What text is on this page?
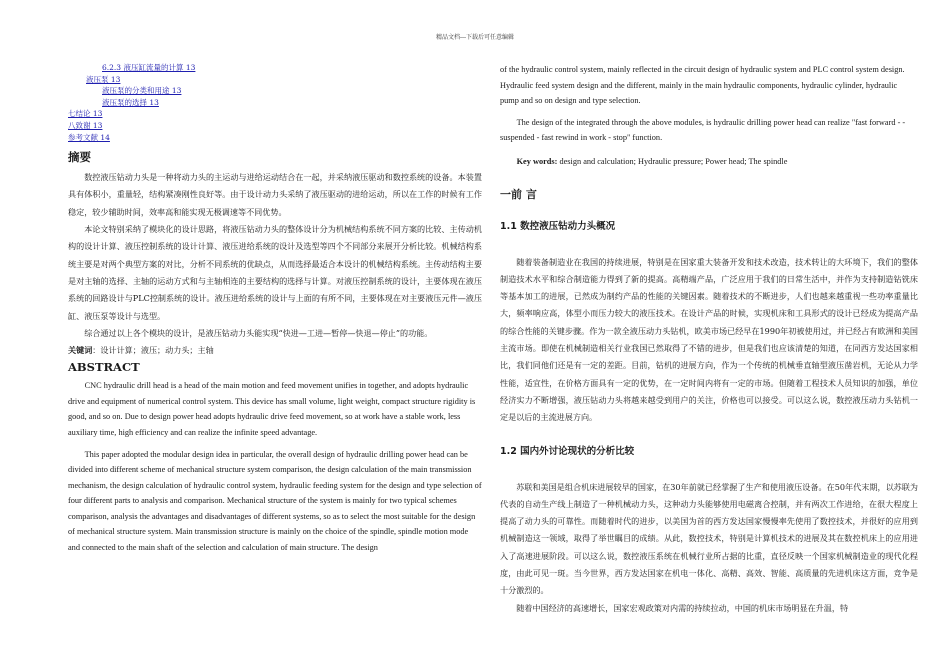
精品文档---下载后可任意编辑
6.2.3 液压缸流量的计算 13
液压泵 13
液压泵的分类和用途 13
液压泵的选择 13
七结论 13
八致谢 13
参考文献 14
摘要

数控液压钻动力头是一种将动力头的主运动与进给运动结合在一起，并采纳液压驱动和数控系统的设备。本装置具有体积小，重量轻，结构紧凑刚性良好等。由于设计动力头采纳了液压驱动的进给运动，所以在工作的时候有工作稳定，较少辅助时间，效率高和能实现无极调速等不同优势。

本论文特别采纳了模块化的设计思路，将液压钻动力头的整体设计分为机械结构系统不同方案的比较、主传动机构的设计计算、液压控制系统的设计计算、液压进给系统的设计及选型等四个不同部分来展开分析比较。机械结构系统主要是对两个典型方案的对比，分析不同系统的优缺点，从而选择最适合本设计的机械结构系统。主传动结构主要是对主轴的选择、主轴的运动方式和与主轴相连的主要结构的选择与计算。对液压控制系统的设计，主要体现在液压系统的回路设计与PLC控制系统的设计。液压进给系统的设计与上面的有所不同，主要体现在对主要液压元件—液压缸、液压泵等设计与选型。

综合通过以上各个模块的设计，是液压钻动力头能实现“快进—工进—暂停—快退—停止”的功能。

关键词：设计计算；液压；动力头；主轴

ABSTRACT

CNC hydraulic drill head is a head of the main motion and feed movement unifies in together, and adopts hydraulic drive and equipment of numerical control system. This device has small volume, light weight, compact structure rigidity is good, and so on. Due to design power head adopts hydraulic drive feed movement, so at work have a stable work, less auxiliary time, high efficiency and can realize the infinite speed advantage.

This paper adopted the modular design idea in particular, the overall design of hydraulic drilling power head can be divided into different scheme of mechanical structure system comparison, the design calculation of the main transmission mechanism, the design calculation of hydraulic control system, hydraulic feeding system for the design and type selection of four different parts to analysis and comparison. Mechanical structure of the system is mainly for two typical schemes comparison, analysis the advantages and disadvantages of different systems, so as to select the most suitable for the design of mechanical structure system. Main transmission structure is mainly on the choice of the spindle, spindle motion mode and connected to the main shaft of the selection and calculation of main structure. The design

of the hydraulic control system, mainly reflected in the circuit design of hydraulic system and PLC control system design. Hydraulic feed system design and the different, mainly in the main hydraulic components, hydraulic cylinder, hydraulic pump and so on design and type selection.

The design of the integrated through the above modules, is hydraulic drilling power head can realize "fast forward - - suspended - fast rewind in work - stop" function.

Key words: design and calculation; Hydraulic pressure; Power head; The spindle

一前 言
1.1 数控液压钻动力头概况

随着装备制造业在我国的持续进展，特别是在国家重大装备开发和技术改造，技术转让的大环境下，我们的整体制造技术水平和综合制造能力得到了新的提高。高精端产品，广泛应用于我们的日常生活中，并作为支持制造钻铣床等基本加工的进展，已然成为制约产品的性能的关键因素。随着技术的不断进步，人们也越来越重视一些功率重量比大，频率响应高，体型小而压力较大的液压技术。在设计产品的时候，实现机床和工具形式的设计已经成为提高产品的综合性能的关键步骤。作为一款全液压动力头钻机，欧美市场已经早在1990年初被使用过，并已经占有欧洲和美国主流市场。即使在机械制造相关行业我国已然取得了不错的进步，但是我们也应该清楚的知道，在同西方发达国家相比，我们同他们还是有一定的差距。目前，钻机的进展方向，作为一个传统的机械垂直轴型液压凿岩机，无论从力学性能，适宜性，在价格方面具有一定的优势，在一定时间内将有一定的市场。但随着工程技术人员知识的加强，单位经济实力不断增强，液压钻动力头将越来越受到用户的关注，价格也可以接受。可以这么说，数控液压动力头钻机一定是以后的主流进展方向。

1.2 国内外讨论现状的分析比较

苏联和美国是组合机床进展较早的国家，在30年前就已经掌握了生产和使用液压设备。在50年代末期，以苏联为代表的自动生产线上制造了一种机械动力头，这种动力头能够使用电磁离合控制，并有两次工作进给，在很大程度上提高了动力头的可靠性。而随着时代的进步，以美国为首的西方发达国家慢慢率先使用了数控技术，并很好的应用到机械制造这一领域，取得了举世瞩目的成绩。从此，数控技术，特别是计算机技术的进展及其在数控机床上的应用进入了高速进展阶段。可以这么说，数控液压系统在机械行业所占据的比重，直径反映一个国家机械制造业的现代化程度，由此可见一斑。当今世界，西方发达国家在机电一体化、高精、高效、智能、高质量的先进机床这方面，竞争是十分激烈的。

随着中国经济的高速增长，国家宏观政策对内需的持续拉动，中国的机床市场明显在升温，特
